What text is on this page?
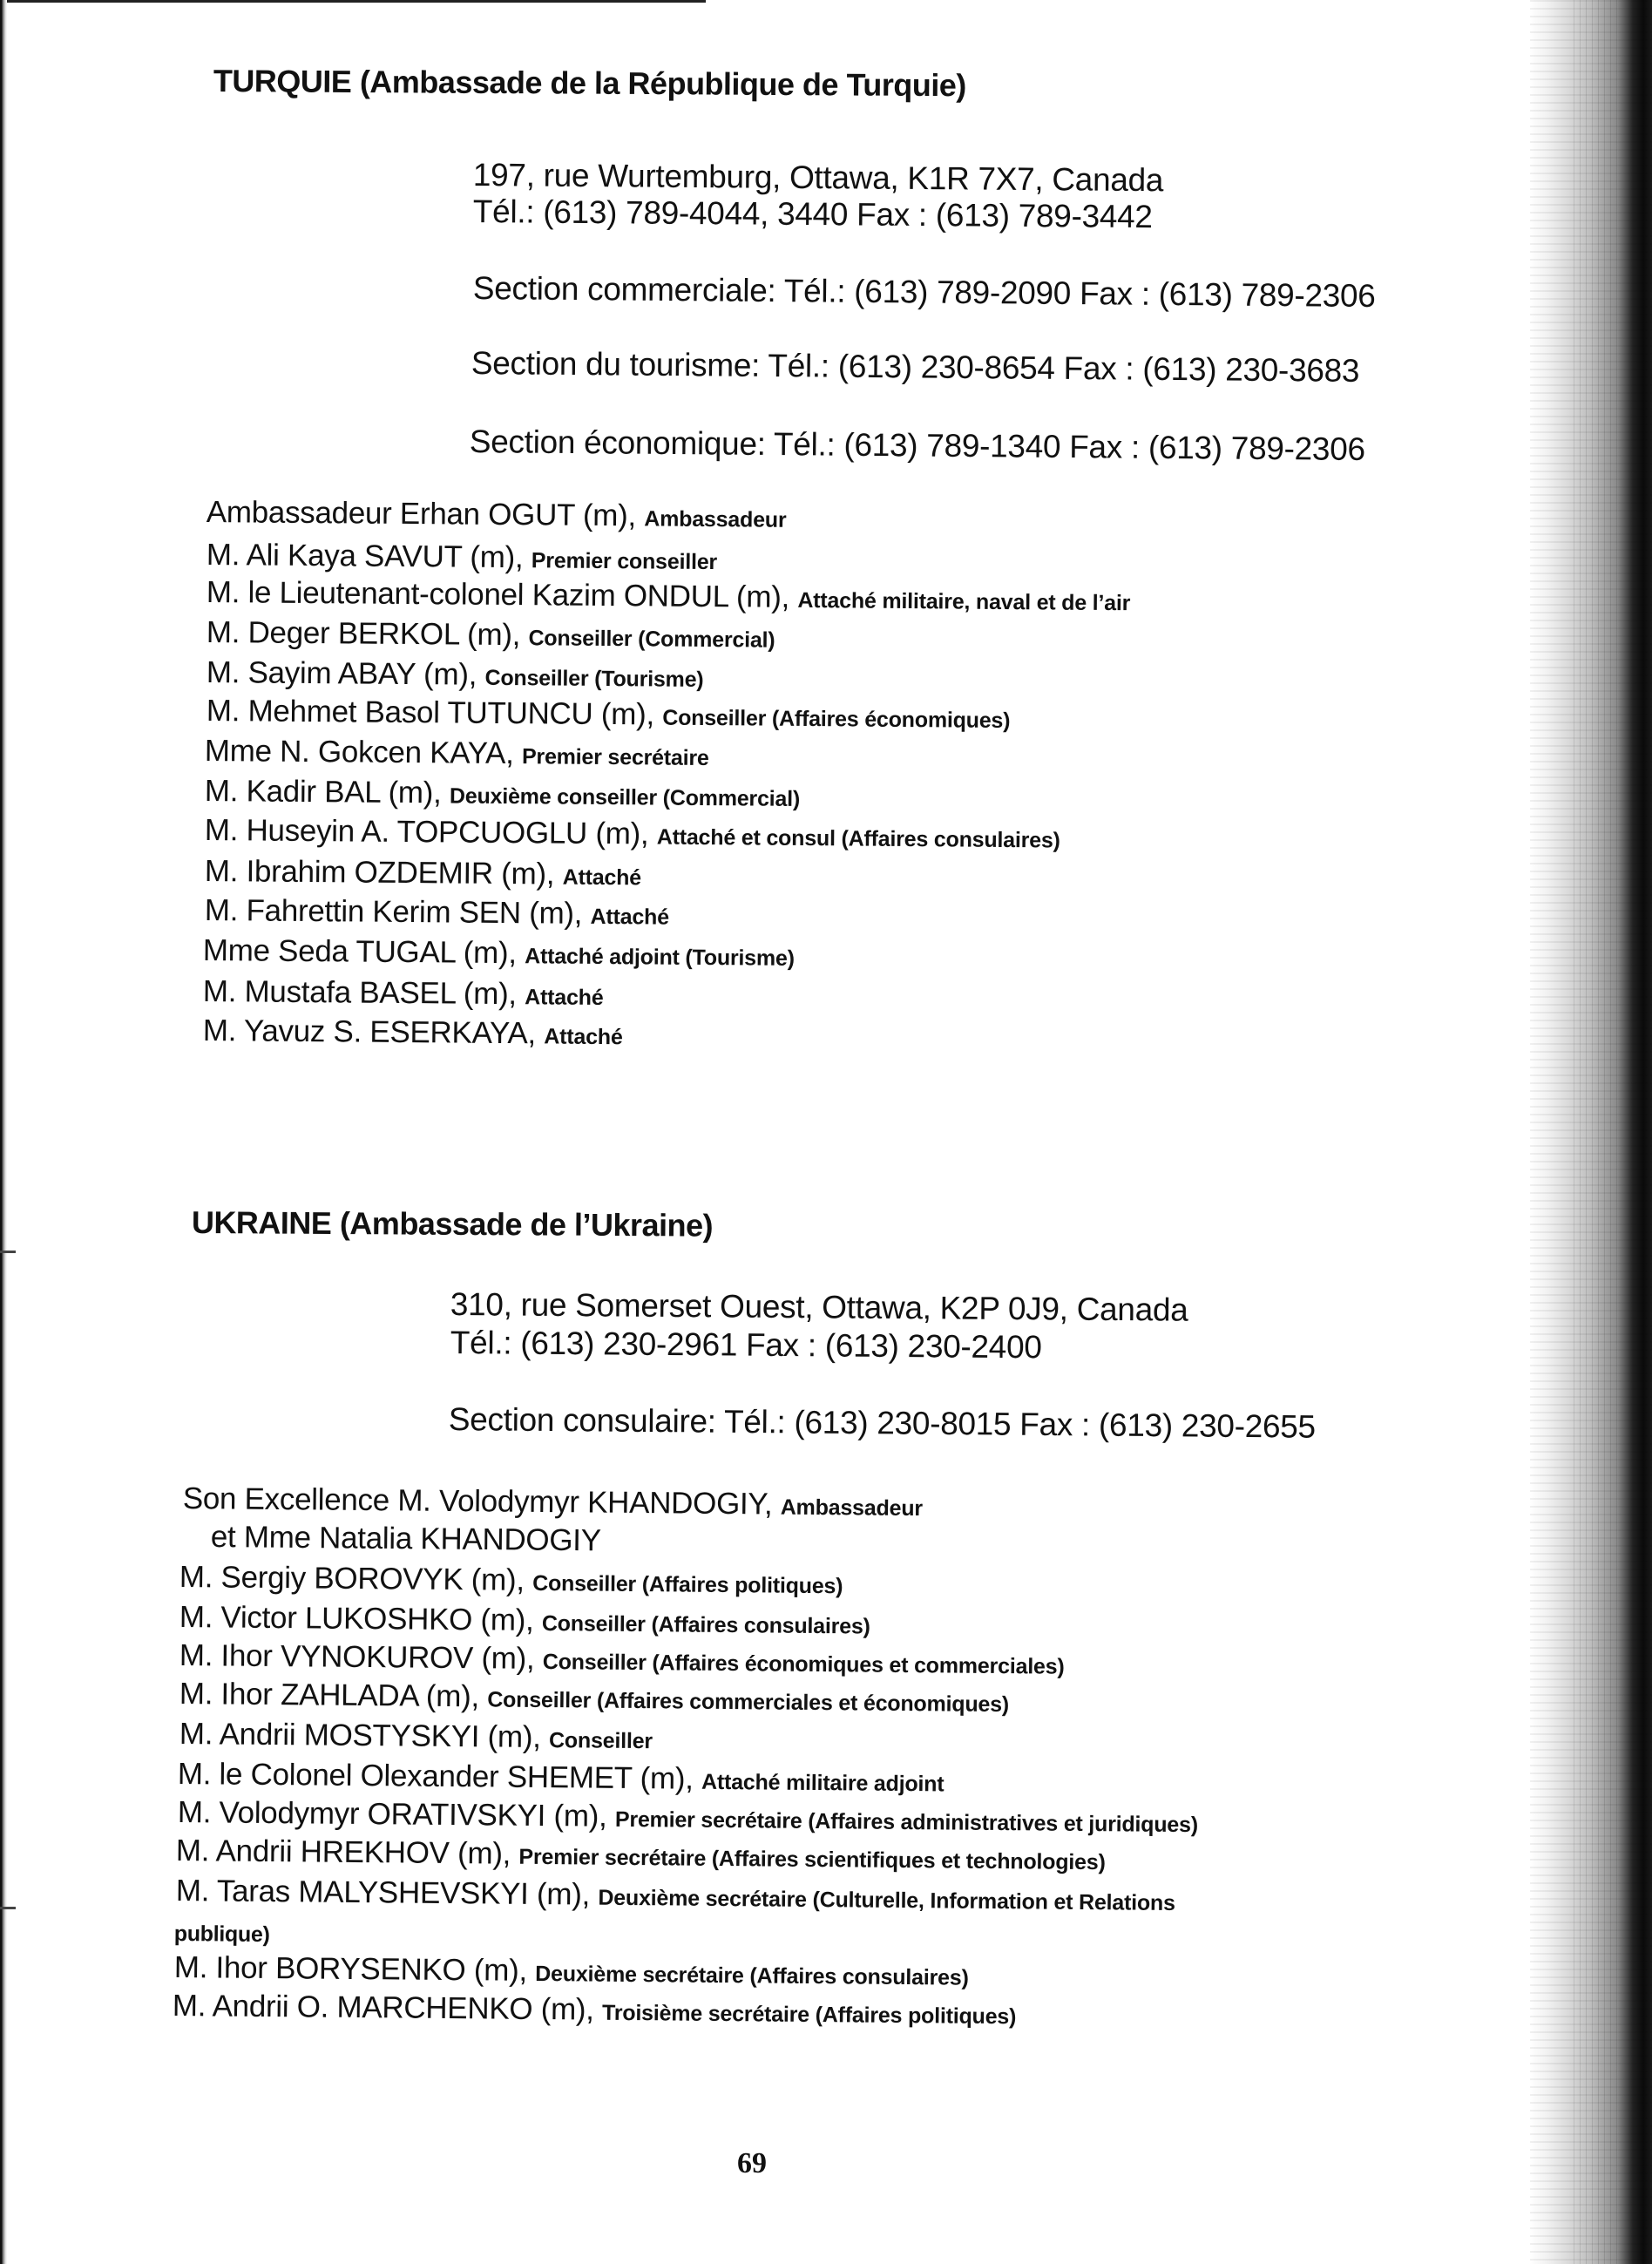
TURQUIE (Ambassade de la République de Turquie)
197, rue Wurtemburg, Ottawa, K1R 7X7, Canada
Tél.: (613) 789-4044, 3440 Fax : (613) 789-3442
Section commerciale: Tél.: (613) 789-2090 Fax : (613) 789-2306
Section du tourisme: Tél.: (613) 230-8654 Fax : (613) 230-3683
Section économique: Tél.: (613) 789-1340 Fax : (613) 789-2306
Ambassadeur Erhan OGUT (m), Ambassadeur
M. Ali Kaya SAVUT (m), Premier conseiller
M. le Lieutenant-colonel Kazim ONDUL (m), Attaché militaire, naval et de l’air
M. Deger BERKOL (m), Conseiller (Commercial)
M. Sayim ABAY (m), Conseiller (Tourisme)
M. Mehmet Basol TUTUNCU (m), Conseiller (Affaires économiques)
Mme N. Gokcen KAYA, Premier secrétaire
M. Kadir BAL (m), Deuxième conseiller (Commercial)
M. Huseyin A. TOPCUOGLU (m), Attaché et consul (Affaires consulaires)
M. Ibrahim OZDEMIR (m), Attaché
M. Fahrettin Kerim SEN (m), Attaché
Mme Seda TUGAL (m), Attaché adjoint (Tourisme)
M. Mustafa BASEL (m), Attaché
M. Yavuz S. ESERKAYA, Attaché
UKRAINE (Ambassade de l’Ukraine)
310, rue Somerset Ouest, Ottawa, K2P 0J9, Canada
Tél.: (613) 230-2961 Fax : (613) 230-2400
Section consulaire: Tél.: (613) 230-8015 Fax : (613) 230-2655
Son Excellence M. Volodymyr KHANDOGIY, Ambassadeur
et Mme Natalia KHANDOGIY
M. Sergiy BOROVYK (m), Conseiller (Affaires politiques)
M. Victor LUKOSHKO (m), Conseiller (Affaires consulaires)
M. Ihor VYNOKUROV (m), Conseiller (Affaires économiques et commerciales)
M. Ihor ZAHLADA (m), Conseiller (Affaires commerciales et économiques)
M. Andrii MOSTYSKYI (m), Conseiller
M. le Colonel Olexander SHEMET (m), Attaché militaire adjoint
M. Volodymyr ORATIVSKYI (m), Premier secrétaire (Affaires administratives et juridiques)
M. Andrii HREKHOV (m), Premier secrétaire (Affaires scientifiques et technologies)
M. Taras MALYSHEVSKYI (m), Deuxième secrétaire (Culturelle, Information et Relations
publique)
M. Ihor BORYSENKO (m), Deuxième secrétaire (Affaires consulaires)
M. Andrii O. MARCHENKO (m), Troisième secrétaire (Affaires politiques)
69
